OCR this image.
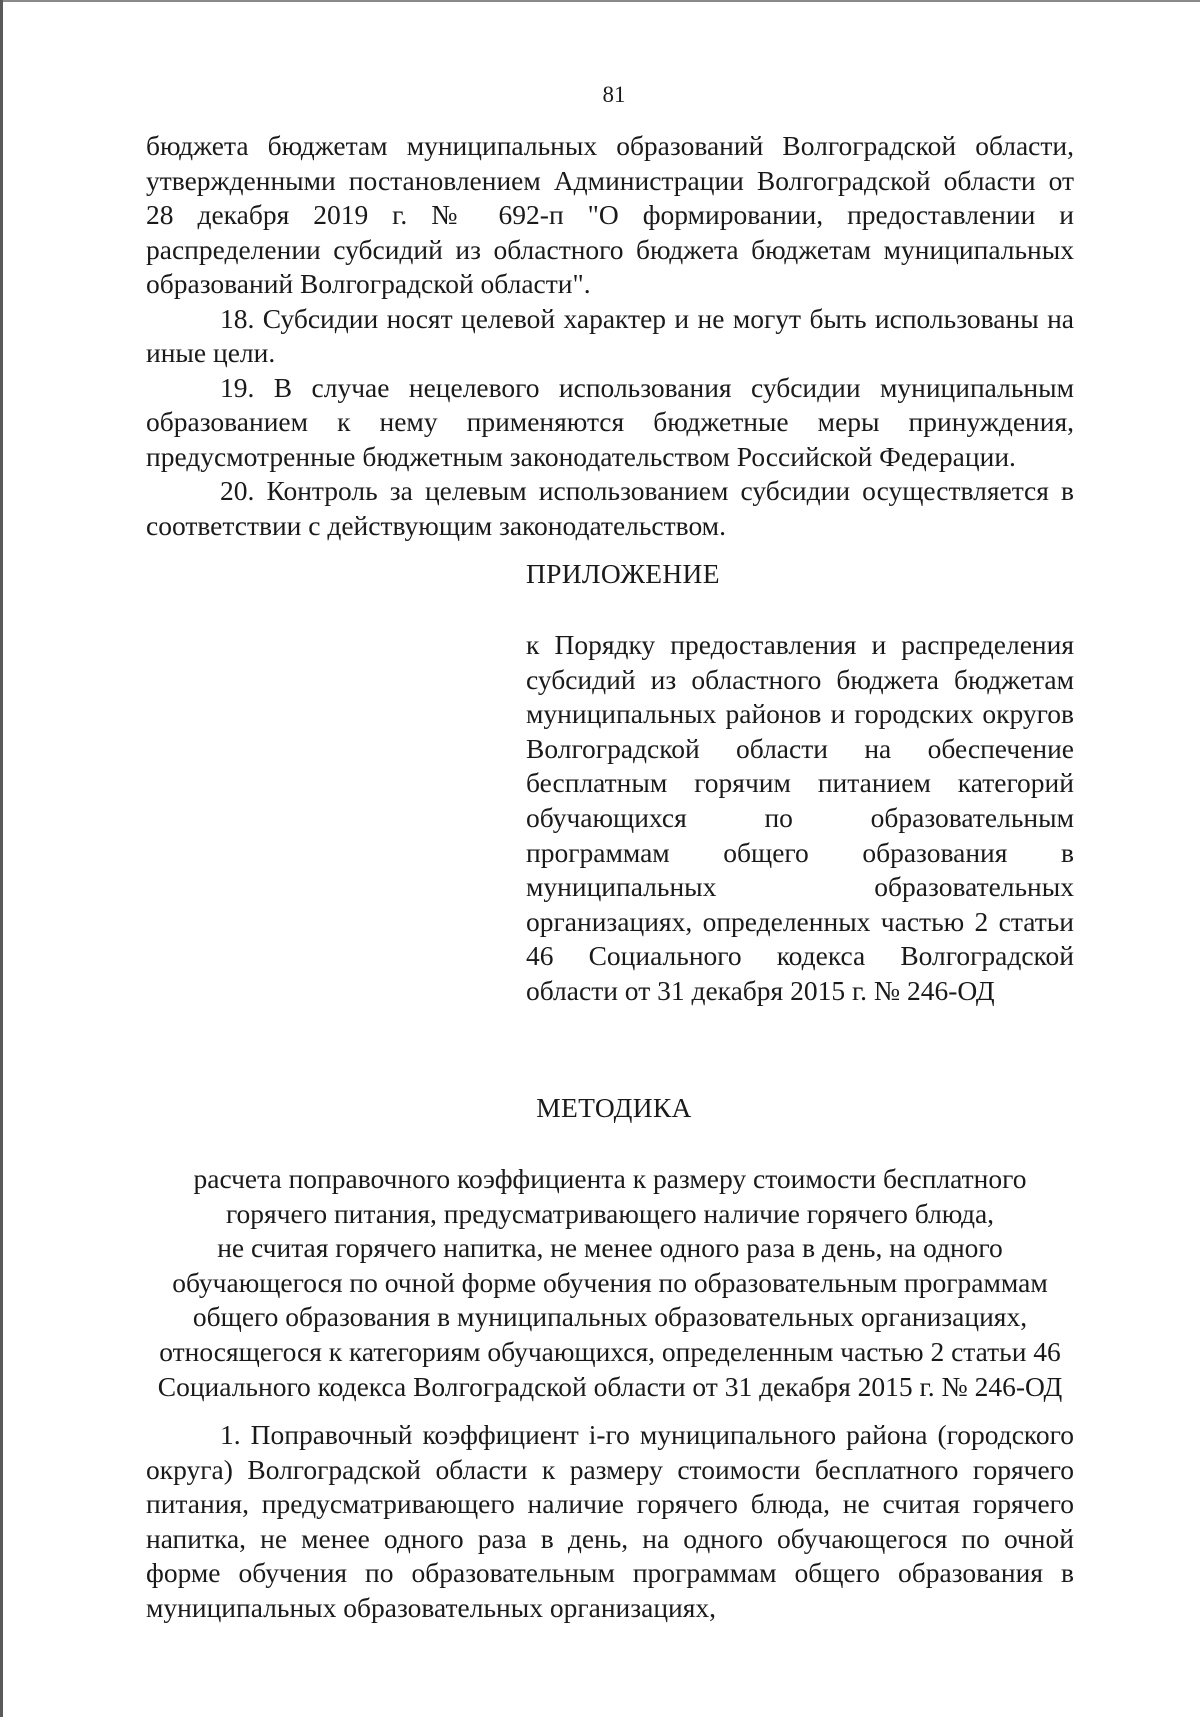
81

бюджета бюджетам муниципальных образований Волгоградской области, утвержденными постановлением Администрации Волгоградской области от 28 декабря 2019 г. № 692-п "О формировании, предоставлении и распределении субсидий из областного бюджета бюджетам муниципальных образований Волгоградской области".

18. Субсидии носят целевой характер и не могут быть использованы на иные цели.

19. В случае нецелевого использования субсидии муниципальным образованием к нему применяются бюджетные меры принуждения, предусмотренные бюджетным законодательством Российской Федерации.

20. Контроль за целевым использованием субсидии осуществляется в соответствии с действующим законодательством.

ПРИЛОЖЕНИЕ

к Порядку предоставления и распределения субсидий из областного бюджета бюджетам муниципальных районов и городских округов Волгоградской области на обеспечение бесплатным горячим питанием категорий обучающихся по образовательным программам общего образования в муниципальных образовательных организациях, определенных частью 2 статьи 46 Социального кодекса Волгоградской области от 31 декабря 2015 г. № 246-ОД

МЕТОДИКА
расчета поправочного коэффициента к размеру стоимости бесплатного
горячего питания, предусматривающего наличие горячего блюда,
не считая горячего напитка, не менее одного раза в день, на одного
обучающегося по очной форме обучения по образовательным программам
общего образования в муниципальных образовательных организациях,
относящегося к категориям обучающихся, определенным частью 2 статьи 46
Социального кодекса Волгоградской области от 31 декабря 2015 г. № 246-ОД

1. Поправочный коэффициент i-го муниципального района (городского округа) Волгоградской области к размеру стоимости бесплатного горячего питания, предусматривающего наличие горячего блюда, не считая горячего напитка, не менее одного раза в день, на одного обучающегося по очной форме обучения по образовательным программам общего образования в муниципальных образовательных организациях,
